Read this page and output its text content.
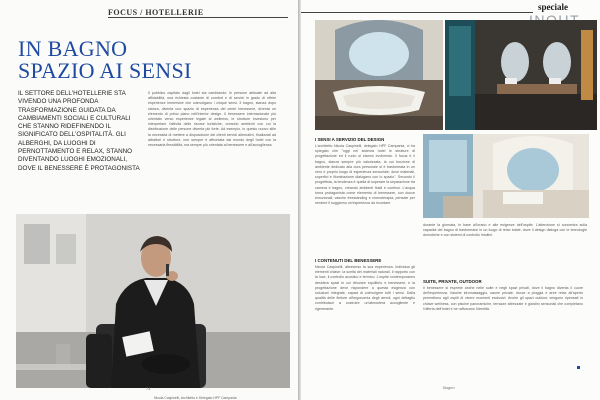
FOCUS / HOTELLERIE
IN BAGNO
SPAZIO AI SENSI

IL SETTORE DELL'HOTELLERIE STA VIVENDO UNA PROFONDA TRASFORMAZIONE GUIDATA DA CAMBIAMENTI SOCIALI E CULTURALI CHE STANNO RIDEFINENDO IL SIGNIFICATO DELL'OSPITALITÀ. GLI ALBERGHI, DA LUOGHI DI PERNOTTAMENTO E RELAX, STANNO DIVENTANDO LUOGHI EMOZIONALI, DOVE IL BENESSERE È PROTAGONISTA

Il pubblico ospitato dagli hotel sta cambiando: le persone abituate ad alta affidabilità, una richiesta costante di comfort e di servizi in grado di offrire esperienze immersive che coinvolgano i cinque sensi. Il bagno, stanza dopo stanza, diventa uno spazio di esperienza dei centri benessere, diventa un elemento di primo piano nell'interior design. Il benessere internazionale più orientato verso esperienze legate al wellness, le strutture investono per interpretare l'attività delle risorse turistiche, creando ambienti con cui la distribuzione delle persone diventa più forte. Ad esempio, in questo nuovo stile la necessità di mettere a disposizione dei clienti servizi alternativi, finalizzati ad attrattori e strutture, non sempre è affrontata dal mondo degli hotel con la necessaria flessibilità, ma sempre più orientata al benessere e all'accoglienza.

74
Nicola Caspinelli, Architetto e Delegato HPF Campania
speciale
I SENSI A SERVIZIO DEL DESIGN

L'architetto Nicola Caspinelli, delegato HPF Campania, ci ha spiegato che "oggi nel sistema hotel le strutture di progettazione ed il ruolo si stanno evolvendo. Il focus è il bagno, stanza sempre più valorizzata, la cui funzione di ambiente dedicato alla cura personale si è trasformata in un vero e proprio luogo di esperienza sensoriale, dove materiali, superfici e illuminazione dialogano con lo spazio". Secondo il progettista, la tendenza è quella di superare la separazione tra camera e bagno, creando ambienti fluidi e continui. L'acqua torna protagonista come elemento di benessere, con docce emozionali, vasche freestanding e cromoterapia, pensate per rendere il soggiorno un'esperienza da ricordare.

I CONTENUTI DEL BENESSERE

Nicola Caspinelli, attraverso la sua esperienza, individua gli elementi chiave: la scelta dei materiali naturali, il rapporto con la luce, il controllo acustico e termico. L'ospite contemporaneo desidera spazi in cui ritrovare equilibrio e benessere, e la progettazione deve rispondere a questa esigenza con soluzioni integrate, capaci di coinvolgere tutti i sensi. Dalla qualità delle finiture all'ergonomia degli arredi, ogni dettaglio contribuisce a costruire un'atmosfera accogliente e rigenerante.

durante la giornata, in base all'orario e alle esigenze dell'ospite. L'attenzione si concentra sulla capacità del bagno di trasformarsi in un luogo di relax totale, dove il design dialoga con le tecnologie domotiche e con sistemi di controllo intuitivi.

SUITE, PRIVATE, OUTDOOR

Il benessere si esprime anche nelle suite e negli spazi privati, dove il bagno diventa il cuore dell'esperienza. Vasche idromassaggio, saune private, docce a pioggia e aree relax all'aperto permettono agli ospiti di vivere momenti esclusivi. Anche gli spazi outdoor vengono ripensati in chiave wellness, con piscine panoramiche, terrazze attrezzate e giardini sensoriali che completano l'offerta dell'hotel e ne rafforzano l'identità.

Bagno
